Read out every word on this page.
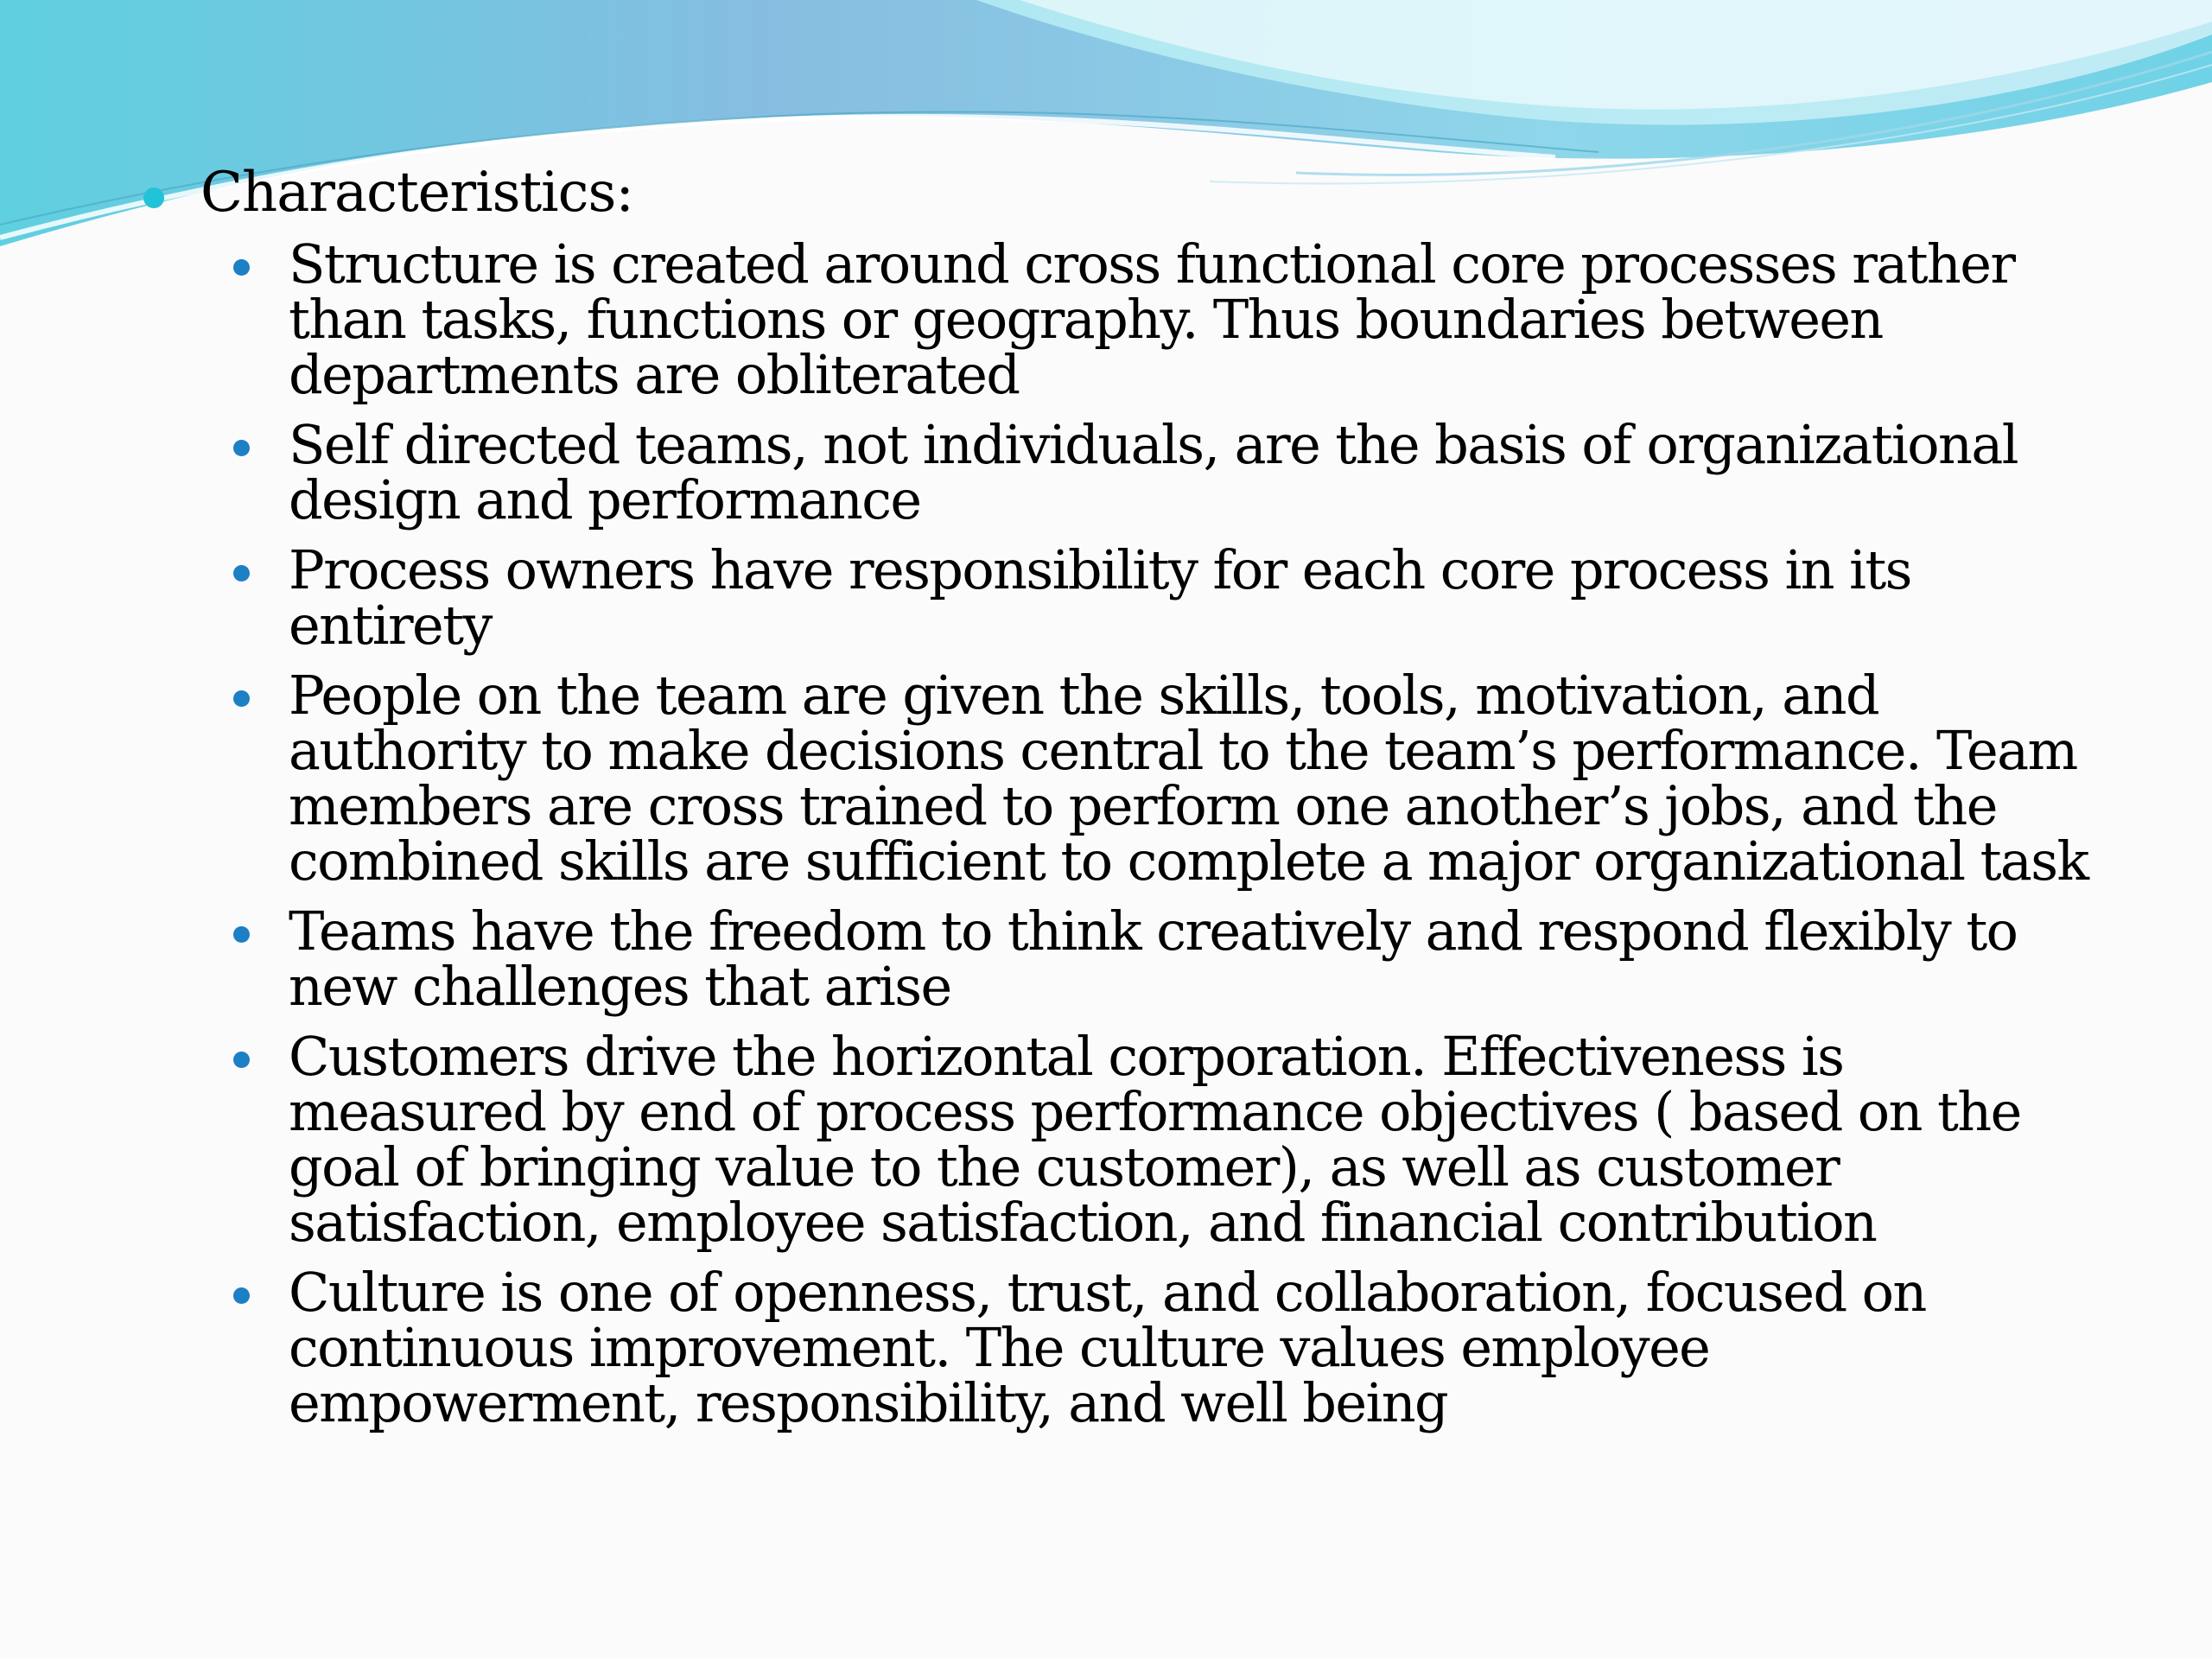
Characteristics:
Structure is created around cross functional core processes rather than tasks, functions or geography. Thus boundaries between departments are obliterated
Self directed teams, not individuals, are the basis of organizational design and performance
Process owners have responsibility for each core process in its entirety
People on the team are given the skills, tools, motivation, and authority to make decisions central to the team’s performance. Team members are cross trained to perform one another’s jobs, and the combined skills are sufficient to complete a major organizational task
Teams have the freedom to think creatively and respond flexibly to new challenges that arise
Customers drive the horizontal corporation. Effectiveness is measured by end of process performance objectives ( based on the goal of bringing value to the customer), as well as customer satisfaction, employee satisfaction, and financial contribution
Culture is one of openness, trust, and collaboration, focused on continuous improvement. The culture values employee empowerment, responsibility, and well being
